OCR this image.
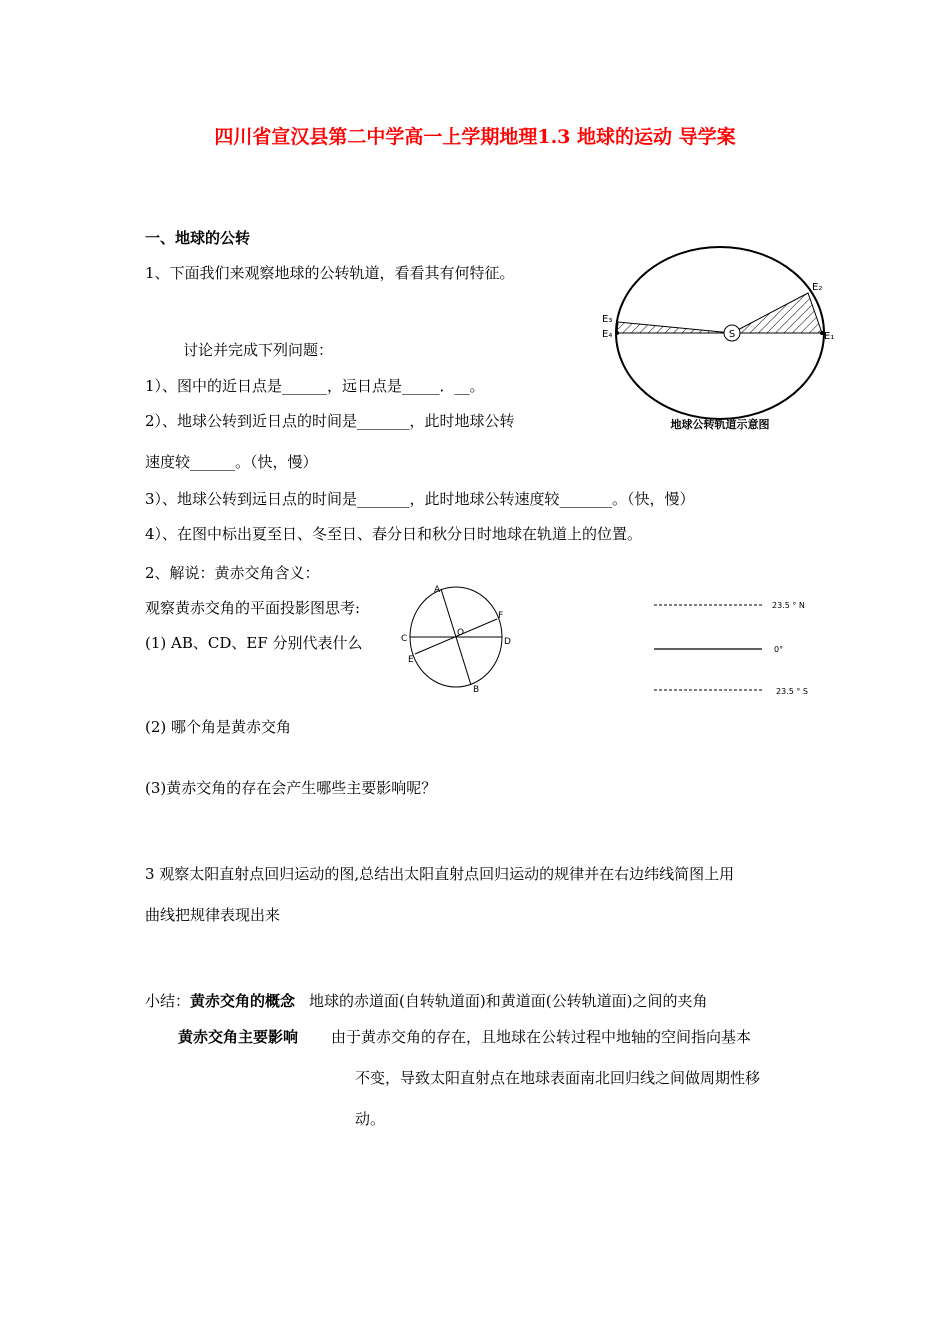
四川省宣汉县第二中学高一上学期地理1.3 地球的运动 导学案
一、地球的公转
1、下面我们来观察地球的公转轨道，看看其有何特征。
讨论并完成下列问题：
1）、图中的近日点是______，远日点是_____．__。
2）、地球公转到近日点的时间是_______，此时地球公转
速度较______。（快，慢）
3）、地球公转到远日点的时间是_______，此时地球公转速度较_______。（快，慢）
4）、在图中标出夏至日、冬至日、春分日和秋分日时地球在轨道上的位置。
S	E₁
E₂
E₃
E₄
地球公转轨道示意图
2、解说：黄赤交角含义：
观察黄赤交角的平面投影图思考:
(1) AB、CD、EF 分别代表什么
A
B
C	D
E
F
O
23.5 ° N
0°
23.5 ° S
(2) 哪个角是黄赤交角
(3)黄赤交角的存在会产生哪些主要影响呢？
3 观察太阳直射点回归运动的图,总结出太阳直射点回归运动的规律并在右边纬线简图上用
曲线把规律表现出来
小结：黄赤交角的概念 地球的赤道面(自转轨道面)和黄道面(公转轨道面)之间的夹角
黄赤交角主要影响 由于黄赤交角的存在，且地球在公转过程中地轴的空间指向基本
不变，导致太阳直射点在地球表面南北回归线之间做周期性移
动。
